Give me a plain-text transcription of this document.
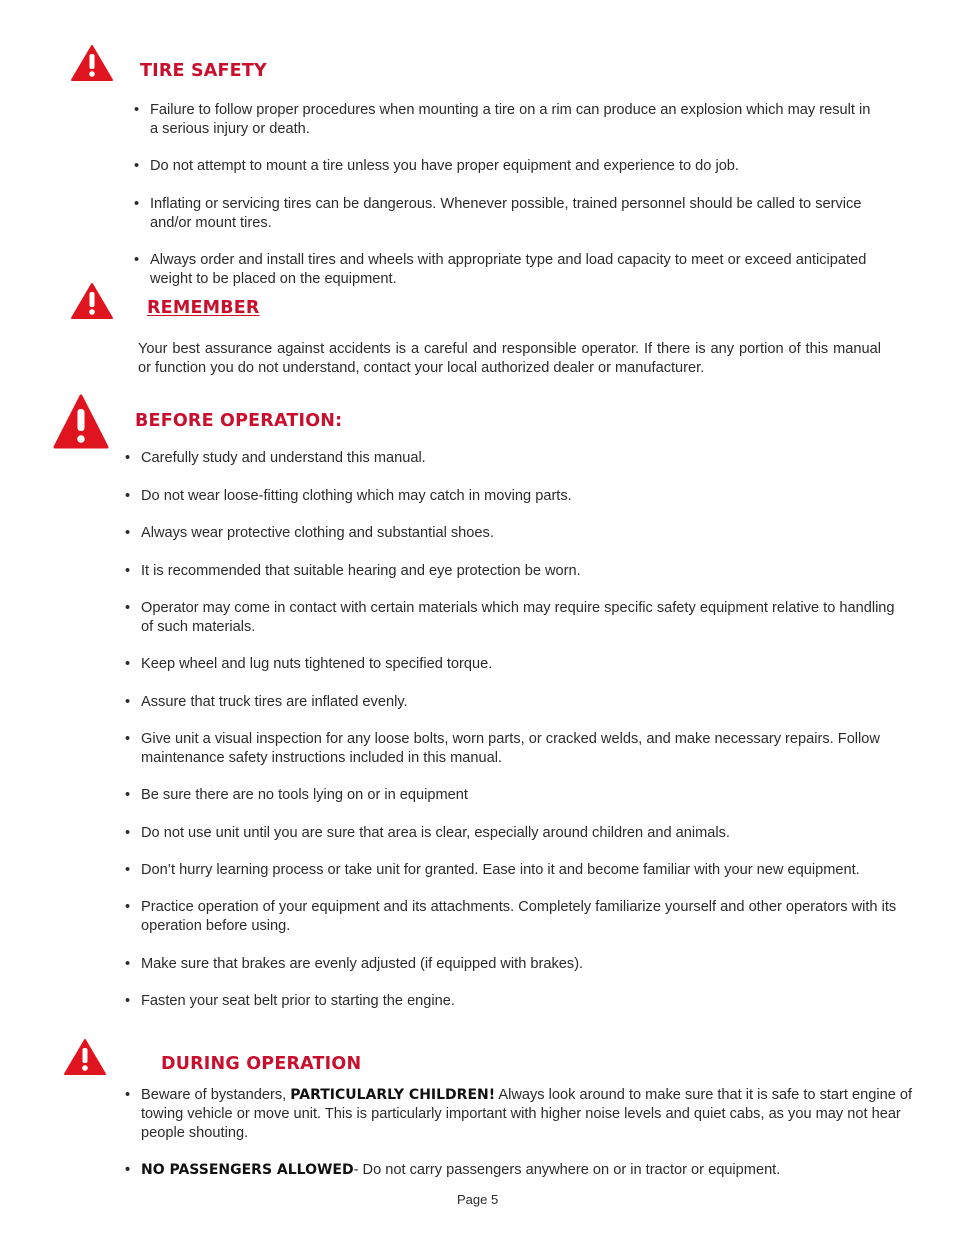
TIRE SAFETY
• Failure to follow proper procedures when mounting a tire on a rim can produce an explosion which may result in a serious injury or death.
• Do not attempt to mount a tire unless you have proper equipment and experience to do job.
• Inflating or servicing tires can be dangerous. Whenever possible, trained personnel should be called to service and/or mount tires.
• Always order and install tires and wheels with appropriate type and load capacity to meet or exceed anticipated weight to be placed on the equipment.
REMEMBER
Your best assurance against accidents is a careful and responsible operator. If there is any portion of this manual or function you do not understand, contact your local authorized dealer or manufacturer.
BEFORE OPERATION:
• Carefully study and understand this manual.
• Do not wear loose-fitting clothing which may catch in moving parts.
• Always wear protective clothing and substantial shoes.
• It is recommended that suitable hearing and eye protection be worn.
• Operator may come in contact with certain materials which may require specific safety equipment relative to handling of such materials.
• Keep wheel and lug nuts tightened to specified torque.
• Assure that truck tires are inflated evenly.
• Give unit a visual inspection for any loose bolts, worn parts, or cracked welds, and make necessary repairs. Follow maintenance safety instructions included in this manual.
• Be sure there are no tools lying on or in equipment
• Do not use unit until you are sure that area is clear, especially around children and animals.
• Don’t hurry learning process or take unit for granted. Ease into it and become familiar with your new equipment.
• Practice operation of your equipment and its attachments. Completely familiarize yourself and other operators with its operation before using.
• Make sure that brakes are evenly adjusted (if equipped with brakes).
• Fasten your seat belt prior to starting the engine.
DURING OPERATION
• Beware of bystanders, PARTICULARLY CHILDREN! Always look around to make sure that it is safe to start engine of towing vehicle or move unit. This is particularly important with higher noise levels and quiet cabs, as you may not hear people shouting.
• NO PASSENGERS ALLOWED- Do not carry passengers anywhere on or in tractor or equipment.
Page 5
